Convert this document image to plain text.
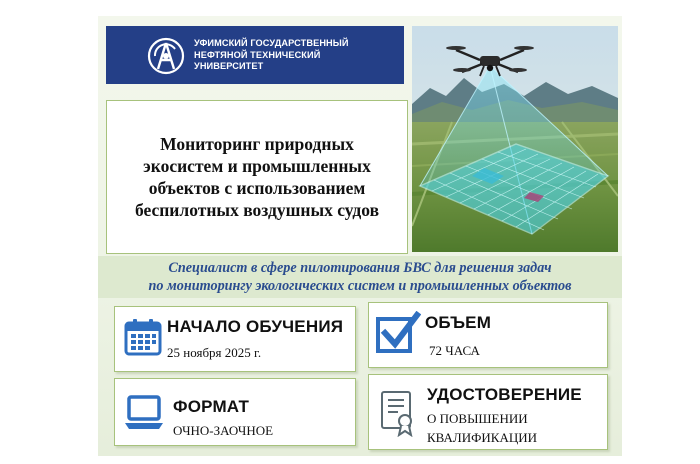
УФИМСКИЙ ГОСУДАРСТВЕННЫЙ
НЕФТЯНОЙ ТЕХНИЧЕСКИЙ
УНИВЕРСИТЕТ
Мониторинг природных
экосистем и промышленных
объектов с использованием
беспилотных воздушных судов
Специалист в сфере пилотирования БВС для решения задач
по мониторингу экологических систем и промышленных объектов
НАЧАЛО ОБУЧЕНИЯ
25 ноября 2025 г.
ОБЪЕМ
72 ЧАСА
ФОРМАТ
ОЧНО-ЗАОЧНОЕ
УДОСТОВЕРЕНИЕ
О ПОВЫШЕНИИ
КВАЛИФИКАЦИИ
